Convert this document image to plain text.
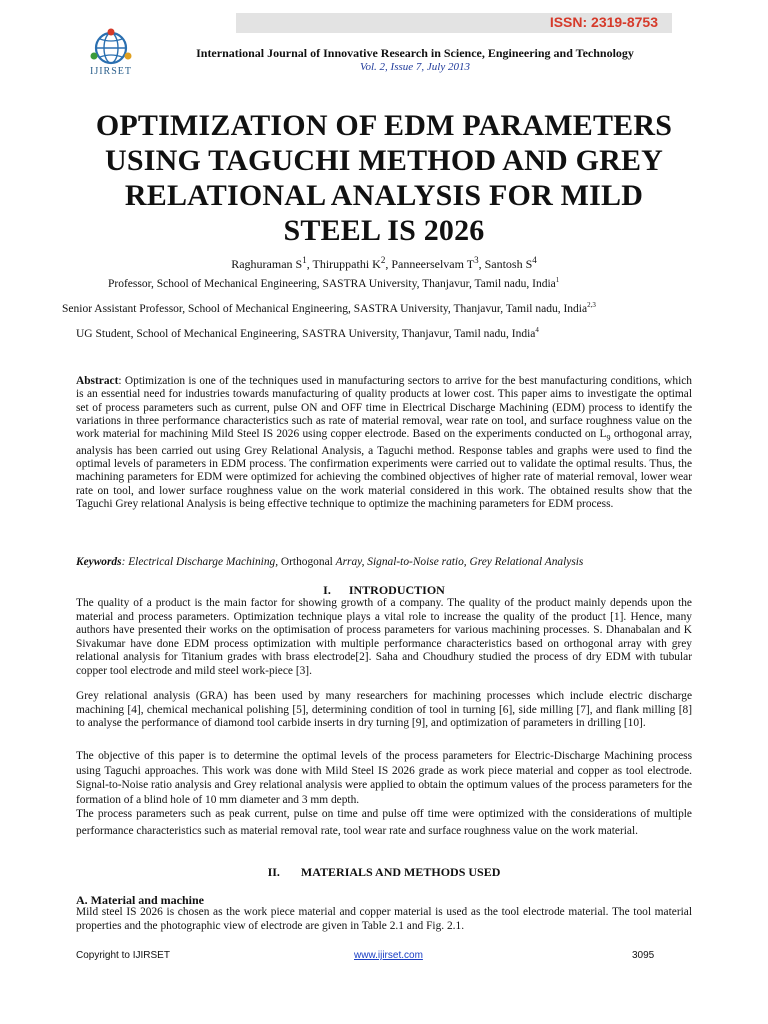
ISSN: 2319-8753
IJIRSET
International Journal of Innovative Research in Science, Engineering and Technology
Vol. 2, Issue 7, July 2013
OPTIMIZATION OF EDM PARAMETERS
USING TAGUCHI METHOD AND GREY
RELATIONAL ANALYSIS FOR MILD
STEEL IS 2026
Raghuraman $S^1$, Thiruppathi $K^2$, Panneerselvam $T^3$, Santosh $S^4$
Professor, School of Mechanical Engineering, SASTRA University, Thanjavur, Tamil nadu, India$^1$
Senior Assistant Professor, School of Mechanical Engineering, SASTRA University, Thanjavur, Tamil nadu, India$^{2,3}$
UG Student, School of Mechanical Engineering, SASTRA University, Thanjavur, Tamil nadu, India$^4$
Abstract: Optimization is one of the techniques used in manufacturing sectors to arrive for the best manufacturing conditions, which is an essential need for industries towards manufacturing of quality products at lower cost. This paper aims to investigate the optimal set of process parameters such as current, pulse ON and OFF time in Electrical Discharge Machining (EDM) process to identify the variations in three performance characteristics such as rate of material removal, wear rate on tool, and surface roughness value on the work material for machining Mild Steel IS 2026 using copper electrode. Based on the experiments conducted on $L_9$ orthogonal array, analysis has been carried out using Grey Relational Analysis, a Taguchi method. Response tables and graphs were used to find the optimal levels of parameters in EDM process. The confirmation experiments were carried out to validate the optimal results. Thus, the machining parameters for EDM were optimized for achieving the combined objectives of higher rate of material removal, lower wear rate on tool, and lower surface roughness value on the work material considered in this work. The obtained results show that the Taguchi Grey relational Analysis is being effective technique to optimize the machining parameters for EDM process.
Keywords: Electrical Discharge Machining, Orthogonal Array, Signal-to-Noise ratio, Grey Relational Analysis
I.      INTRODUCTION
The quality of a product is the main factor for showing growth of a company. The quality of the product mainly depends upon the material and process parameters. Optimization technique plays a vital role to increase the quality of the product [1]. Hence, many authors have presented their works on the optimisation of process parameters for various machining processes. S. Dhanabalan and K Sivakumar have done EDM process optimization with multiple performance characteristics based on orthogonal array with grey relational analysis for Titanium grades with brass electrode[2]. Saha and Choudhury studied the process of dry EDM with tubular copper tool electrode and mild steel work-piece [3].
Grey relational analysis (GRA) has been used by many researchers for machining processes which include electric discharge machining [4], chemical mechanical polishing [5], determining condition of tool in turning [6], side milling [7], and flank milling [8] to analyse the performance of diamond tool carbide inserts in dry turning [9], and optimization of parameters in drilling [10].
The objective of this paper is to determine the optimal levels of the process parameters for Electric-Discharge Machining process using Taguchi approaches. This work was done with Mild Steel IS 2026 grade as work piece material and copper as tool electrode. Signal-to-Noise ratio analysis and Grey relational analysis were applied to obtain the optimum values of the process parameters for the formation of a blind hole of 10 mm diameter and 3 mm depth.
The process parameters such as peak current, pulse on time and pulse off time were optimized with the considerations of multiple performance characteristics such as material removal rate, tool wear rate and surface roughness value on the work material.
II.       MATERIALS AND METHODS USED
A. Material and machine
Mild steel IS 2026 is chosen as the work piece material and copper material is used as the tool electrode material. The tool material properties and the photographic view of electrode are given in Table 2.1 and Fig. 2.1.
Copyright to IJIRSET	www.ijirset.com	3095
